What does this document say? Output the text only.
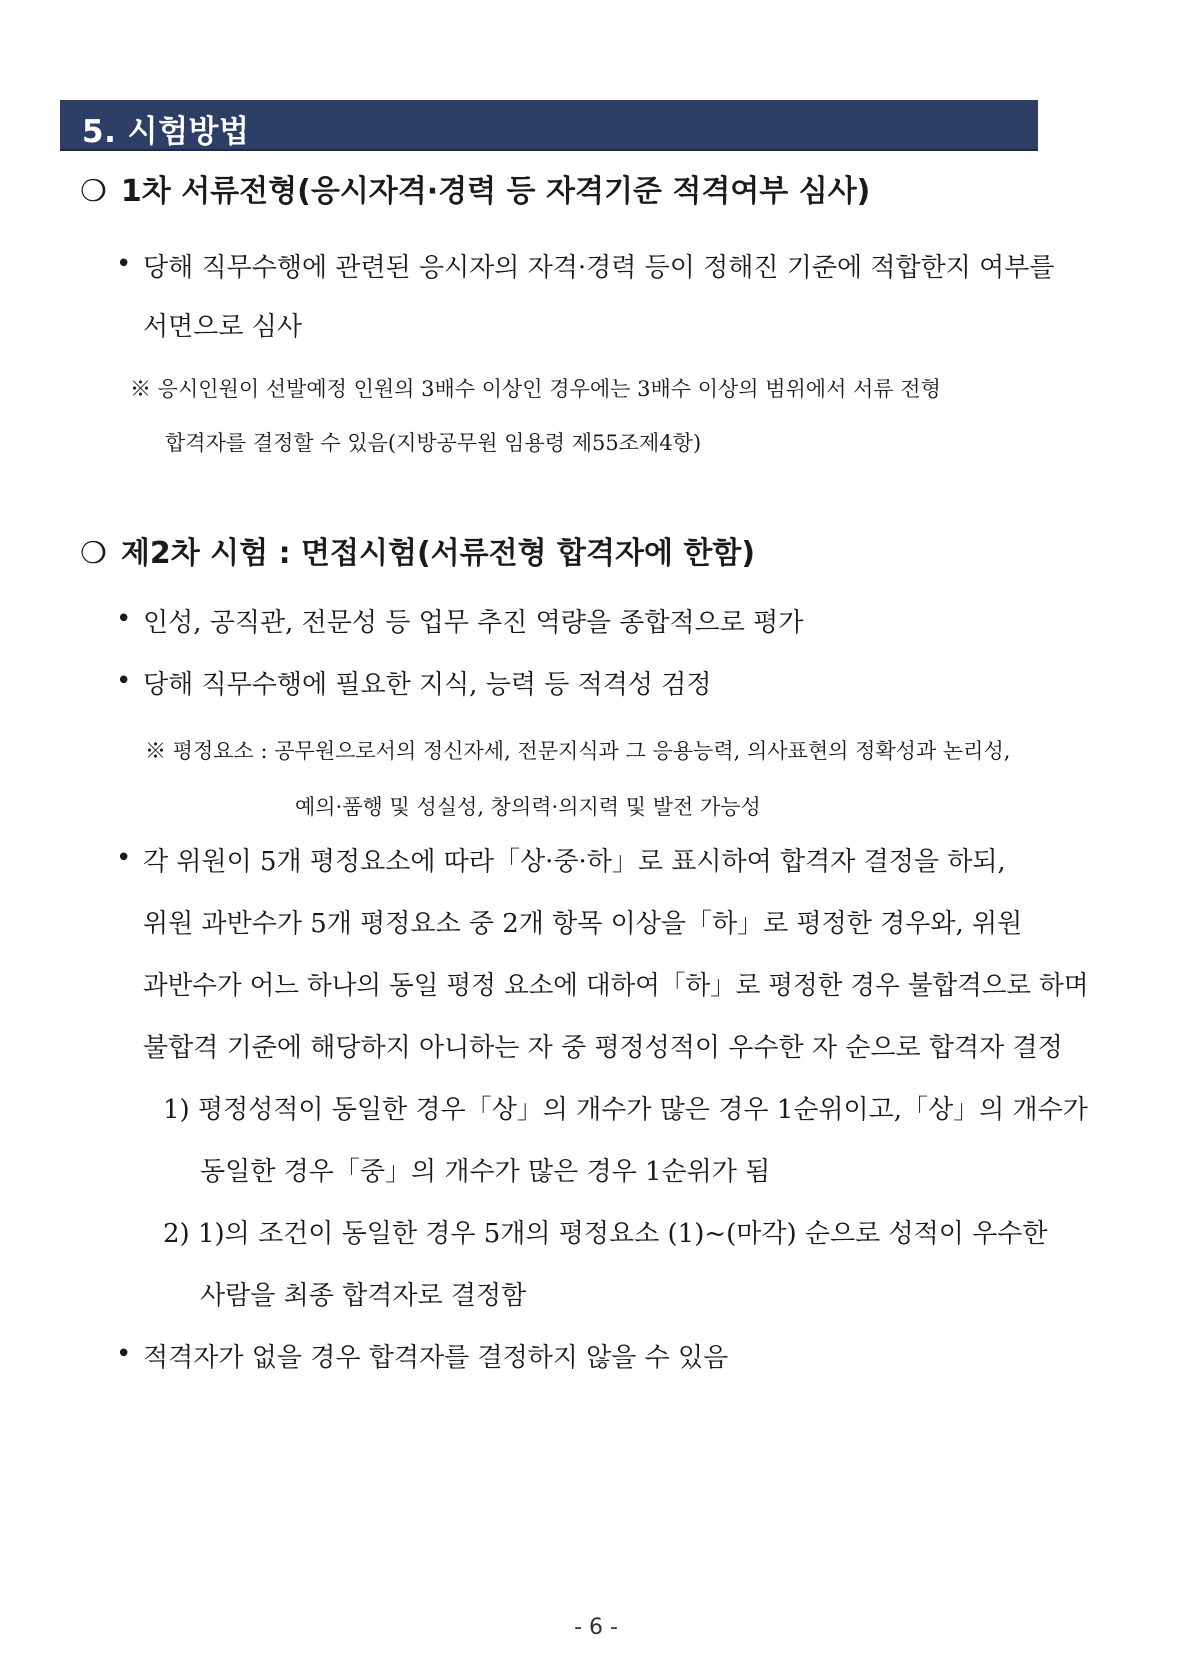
5. 시험방법
❍ 1차 서류전형(응시자격·경력 등 자격기준 적격여부 심사)
• 당해 직무수행에 관련된 응시자의 자격·경력 등이 정해진 기준에 적합한지 여부를
서면으로 심사
※ 응시인원이 선발예정 인원의 3배수 이상인 경우에는 3배수 이상의 범위에서 서류 전형
합격자를 결정할 수 있음(지방공무원 임용령 제55조제4항)
❍ 제2차 시험 : 면접시험(서류전형 합격자에 한함)
• 인성, 공직관, 전문성 등 업무 추진 역량을 종합적으로 평가
• 당해 직무수행에 필요한 지식, 능력 등 적격성 검정
※ 평정요소 : 공무원으로서의 정신자세, 전문지식과 그 응용능력, 의사표현의 정확성과 논리성,
예의·품행 및 성실성, 창의력·의지력 및 발전 가능성
• 각 위원이 5개 평정요소에 따라「상·중·하」로 표시하여 합격자 결정을 하되,
위원 과반수가 5개 평정요소 중 2개 항목 이상을「하」로 평정한 경우와, 위원
과반수가 어느 하나의 동일 평정 요소에 대하여「하」로 평정한 경우 불합격으로 하며
불합격 기준에 해당하지 아니하는 자 중 평정성적이 우수한 자 순으로 합격자 결정
1) 평정성적이 동일한 경우「상」의 개수가 많은 경우 1순위이고,「상」의 개수가
동일한 경우「중」의 개수가 많은 경우 1순위가 됨
2) 1)의 조건이 동일한 경우 5개의 평정요소 (1)~(마각) 순으로 성적이 우수한
사람을 최종 합격자로 결정함
• 적격자가 없을 경우 합격자를 결정하지 않을 수 있음
- 6 -
